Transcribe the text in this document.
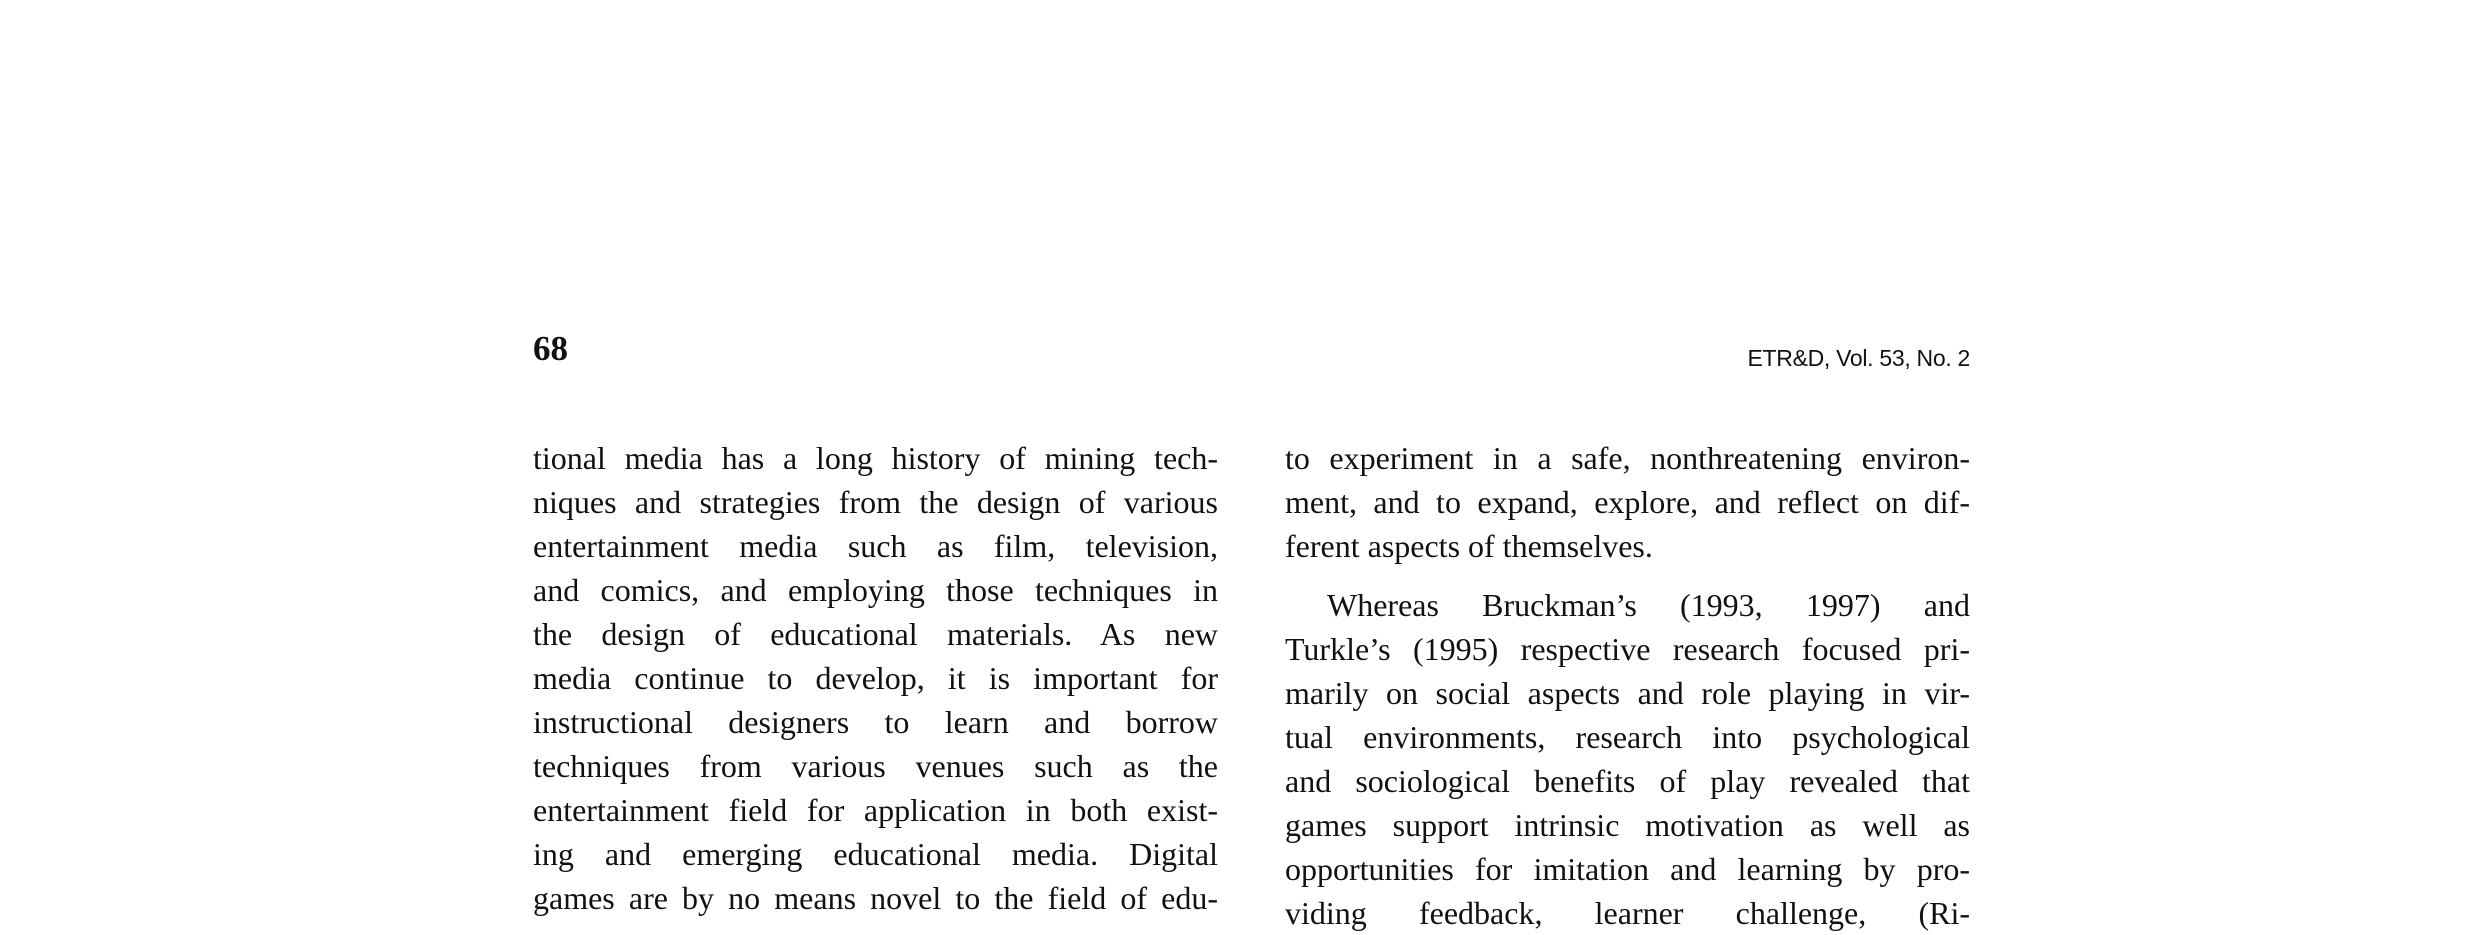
68	ETR&D, Vol. 53, No. 2
tional media has a long history of mining tech-
niques and strategies from the design of various
entertainment media such as film, television,
and comics, and employing those techniques in
the design of educational materials. As new
media continue to develop, it is important for
instructional designers to learn and borrow
techniques from various venues such as the
entertainment field for application in both exist-
ing and emerging educational media. Digital
games are by no means novel to the field of edu-
to experiment in a safe, nonthreatening environ-
ment, and to expand, explore, and reflect on dif-
ferent aspects of themselves.
Whereas Bruckman’s (1993, 1997) and
Turkle’s (1995) respective research focused pri-
marily on social aspects and role playing in vir-
tual environments, research into psychological
and sociological benefits of play revealed that
games support intrinsic motivation as well as
opportunities for imitation and learning by pro-
viding feedback, learner challenge, (Ri-
